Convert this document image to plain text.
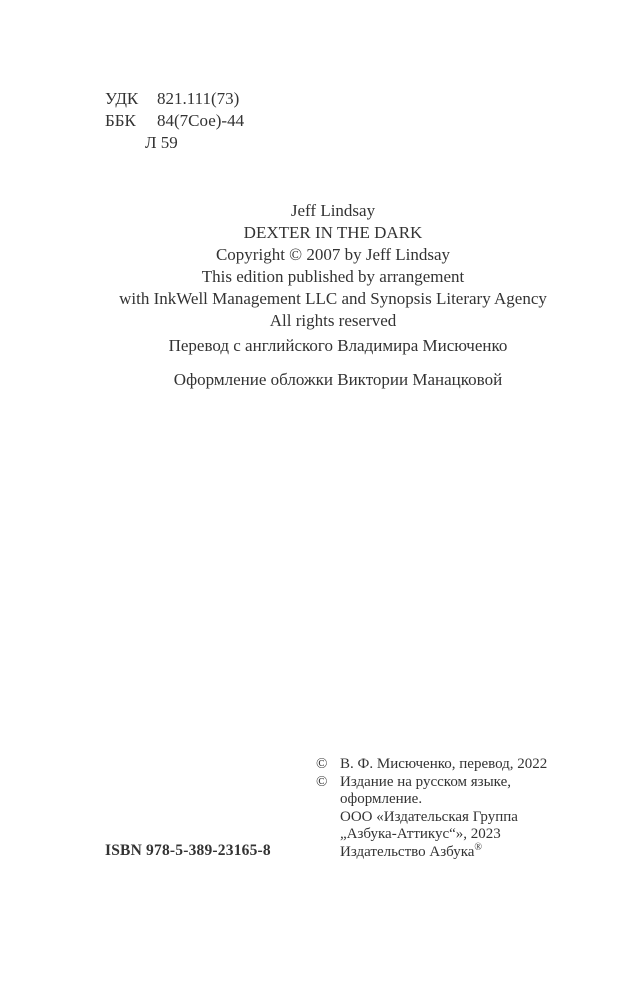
УДК 821.111(73)
ББК 84(7Сое)-44
Л 59
Jeff Lindsay
DEXTER IN THE DARK
Copyright © 2007 by Jeff Lindsay
This edition published by arrangement
with InkWell Management LLC and Synopsis Literary Agency
All rights reserved
Перевод с английского Владимира Мисюченко
Оформление обложки Виктории Манацковой
© В. Ф. Мисюченко, перевод, 2022
© Издание на русском языке,
оформление.
ООО «Издательская Группа
„Азбука-Аттикус“», 2023
Издательство Азбука®
ISBN 978-5-389-23165-8
